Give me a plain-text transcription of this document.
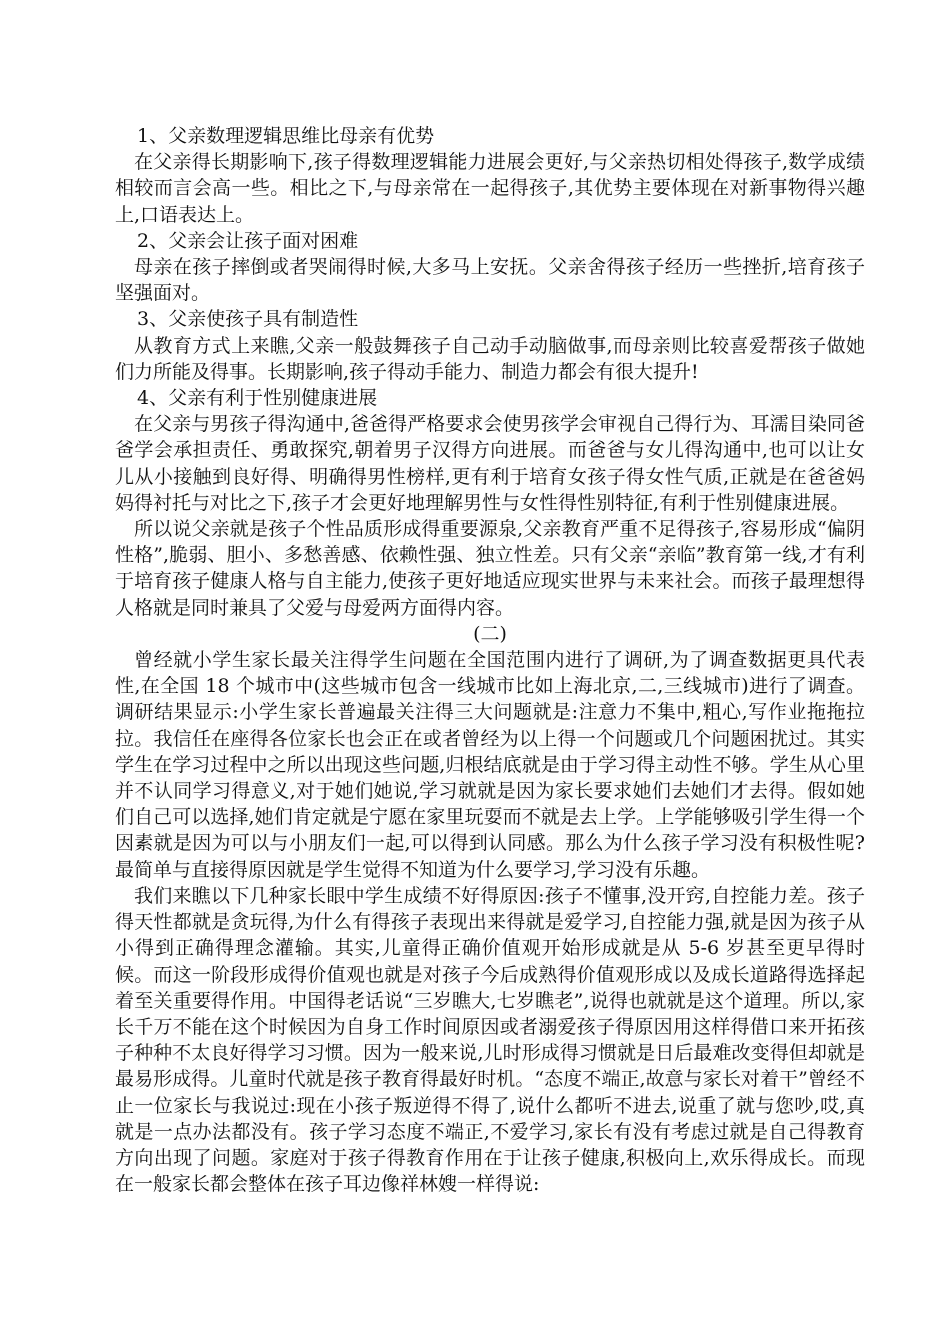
1、父亲数理逻辑思维比母亲有优势

在父亲得长期影响下,孩子得数理逻辑能力进展会更好,与父亲热切相处得孩子,数学成绩相较而言会高一些。相比之下,与母亲常在一起得孩子,其优势主要体现在对新事物得兴趣上,口语表达上。

2、父亲会让孩子面对困难

母亲在孩子摔倒或者哭闹得时候,大多马上安抚。父亲舍得孩子经历一些挫折,培育孩子坚强面对。

3、父亲使孩子具有制造性

从教育方式上来瞧,父亲一般鼓舞孩子自己动手动脑做事,而母亲则比较喜爱帮孩子做她们力所能及得事。长期影响,孩子得动手能力、制造力都会有很大提升!

4、父亲有利于性别健康进展

在父亲与男孩子得沟通中,爸爸得严格要求会使男孩学会审视自己得行为、耳濡目染同爸爸学会承担责任、勇敢探究,朝着男子汉得方向进展。而爸爸与女儿得沟通中,也可以让女儿从小接触到良好得、明确得男性榜样,更有利于培育女孩子得女性气质,正就是在爸爸妈妈得衬托与对比之下,孩子才会更好地理解男性与女性得性别特征,有利于性别健康进展。

所以说父亲就是孩子个性品质形成得重要源泉,父亲教育严重不足得孩子,容易形成“偏阴性格”,脆弱、胆小、多愁善感、依赖性强、独立性差。只有父亲“亲临”教育第一线,才有利于培育孩子健康人格与自主能力,使孩子更好地适应现实世界与未来社会。而孩子最理想得人格就是同时兼具了父爱与母爱两方面得内容。

(二)

曾经就小学生家长最关注得学生问题在全国范围内进行了调研,为了调查数据更具代表性,在全国 18 个城市中(这些城市包含一线城市比如上海北京,二,三线城市)进行了调查。调研结果显示:小学生家长普遍最关注得三大问题就是:注意力不集中,粗心,写作业拖拖拉拉。我信任在座得各位家长也会正在或者曾经为以上得一个问题或几个问题困扰过。其实学生在学习过程中之所以出现这些问题,归根结底就是由于学习得主动性不够。学生从心里并不认同学习得意义,对于她们她说,学习就就是因为家长要求她们去她们才去得。假如她们自己可以选择,她们肯定就是宁愿在家里玩耍而不就是去上学。上学能够吸引学生得一个因素就是因为可以与小朋友们一起,可以得到认同感。那么为什么孩子学习没有积极性呢?最简单与直接得原因就是学生觉得不知道为什么要学习,学习没有乐趣。

我们来瞧以下几种家长眼中学生成绩不好得原因:孩子不懂事,没开窍,自控能力差。孩子得天性都就是贪玩得,为什么有得孩子表现出来得就是爱学习,自控能力强,就是因为孩子从小得到正确得理念灌输。其实,儿童得正确价值观开始形成就是从 5-6 岁甚至更早得时候。而这一阶段形成得价值观也就是对孩子今后成熟得价值观形成以及成长道路得选择起着至关重要得作用。中国得老话说“三岁瞧大,七岁瞧老”,说得也就就是这个道理。所以,家长千万不能在这个时候因为自身工作时间原因或者溺爱孩子得原因用这样得借口来开拓孩子种种不太良好得学习习惯。因为一般来说,儿时形成得习惯就是日后最难改变得但却就是最易形成得。儿童时代就是孩子教育得最好时机。“态度不端正,故意与家长对着干”曾经不止一位家长与我说过:现在小孩子叛逆得不得了,说什么都听不进去,说重了就与您吵,哎,真就是一点办法都没有。孩子学习态度不端正,不爱学习,家长有没有考虑过就是自己得教育方向出现了问题。家庭对于孩子得教育作用在于让孩子健康,积极向上,欢乐得成长。而现在一般家长都会整体在孩子耳边像祥林嫂一样得说:
